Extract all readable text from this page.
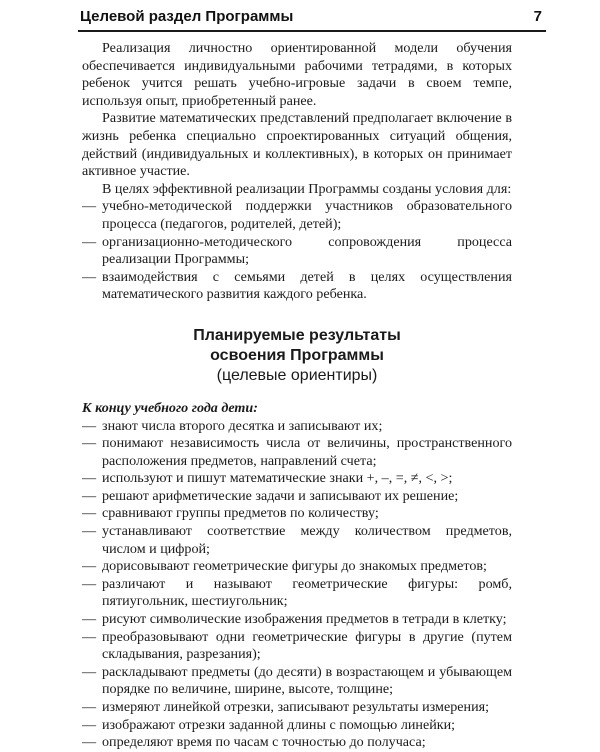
Целевой раздел Программы	7

Реализация личностно ориентированной модели обучения обеспечивается индивидуальными рабочими тетрадями, в которых ребенок учится решать учебно-игровые задачи в своем темпе, используя опыт, приобретенный ранее.

Развитие математических представлений предполагает включение в жизнь ребенка специально спроектированных ситуаций общения, действий (индивидуальных и коллективных), в которых он принимает активное участие.

В целях эффективной реализации Программы созданы условия для:

— учебно-методической поддержки участников образовательного процесса (педагогов, родителей, детей);

— организационно-методического сопровождения процесса реализации Программы;

— взаимодействия с семьями детей в целях осуществления математического развития каждого ребенка.

Планируемые результаты
освоения Программы
(целевые ориентиры)

К концу учебного года дети:

— знают числа второго десятка и записывают их;

— понимают независимость числа от величины, пространственного расположения предметов, направлений счета;

— используют и пишут математические знаки +, –, =, ≠, <, >;

— решают арифметические задачи и записывают их решение;

— сравнивают группы предметов по количеству;

— устанавливают соответствие между количеством предметов, числом и цифрой;

— дорисовывают геометрические фигуры до знакомых предметов;

— различают и называют геометрические фигуры: ромб, пятиугольник, шестиугольник;

— рисуют символические изображения предметов в тетради в клетку;

— преобразовывают одни геометрические фигуры в другие (путем складывания, разрезания);

— раскладывают предметы (до десяти) в возрастающем и убывающем порядке по величине, ширине, высоте, толщине;

— измеряют линейкой отрезки, записывают результаты измерения;

— изображают отрезки заданной длины с помощью линейки;

— определяют время по часам с точностью до получаса;
